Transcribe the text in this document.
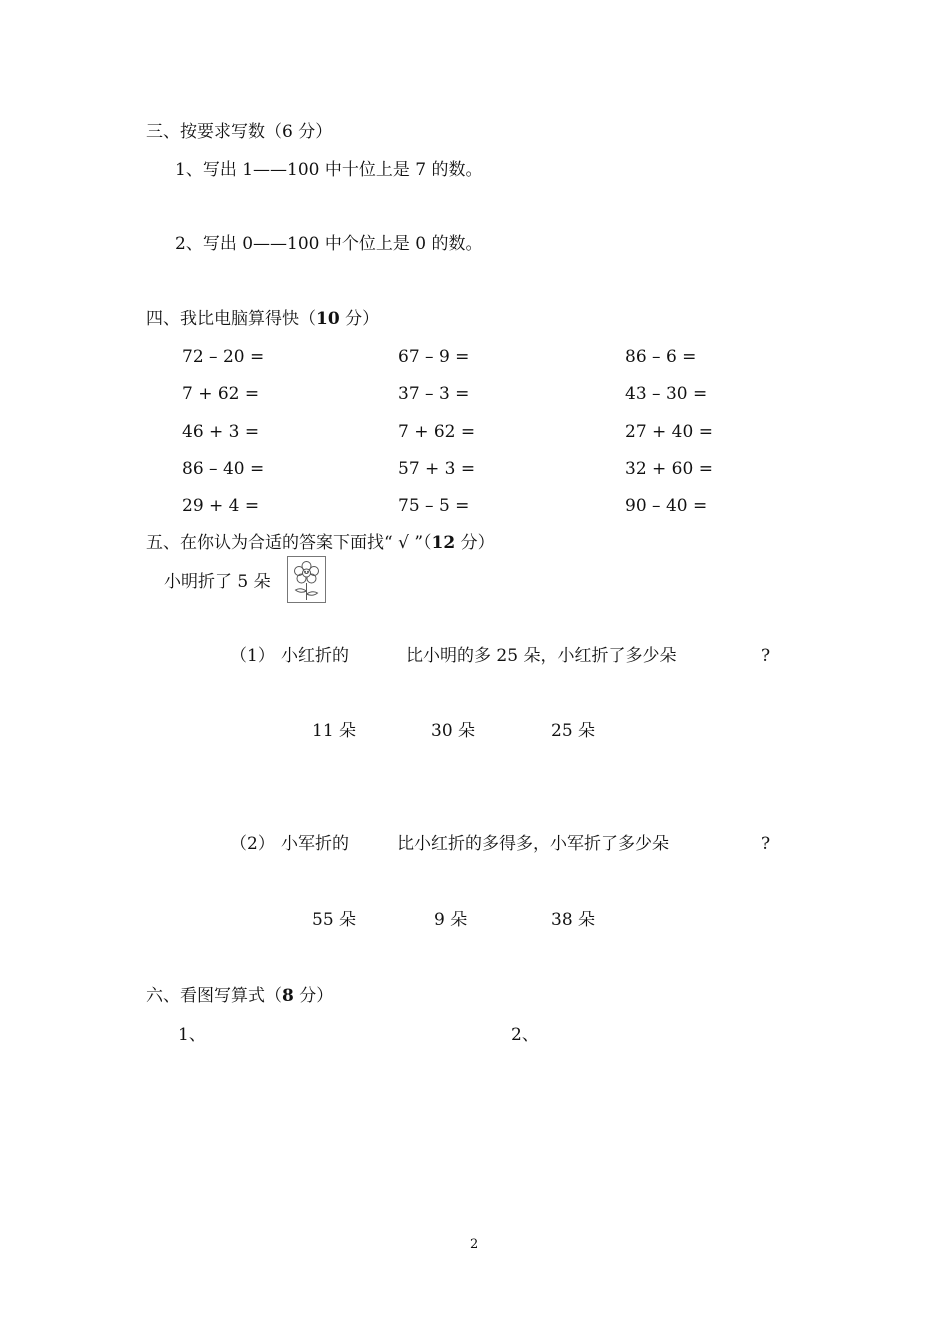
三、按要求写数（6 分）
1、写出 1——100 中十位上是 7 的数。
2、写出 0——100 中个位上是 0 的数。
四、我比电脑算得快（10 分）
72 – 20 =	67 – 9 =	86 – 6 =
7 + 62 =	37 – 3 =	43 – 30 =
46 + 3 =	7 + 62 =	27 + 40 =
86 – 40 =	57 + 3 =	32 + 60 =
29 + 4 =	75 – 5 =	90 – 40 =
五、在你认为合适的答案下面找“ √ ”（12 分）
小明折了 5 朵
（1） 小红折的	比小明的多 25 朵，小红折了多少朵	?
11 朵	30 朵	25 朵
（2） 小军折的	比小红折的多得多，小军折了多少朵	?
55 朵	9 朵	38 朵
六、看图写算式（8 分）
1、	2、
2
